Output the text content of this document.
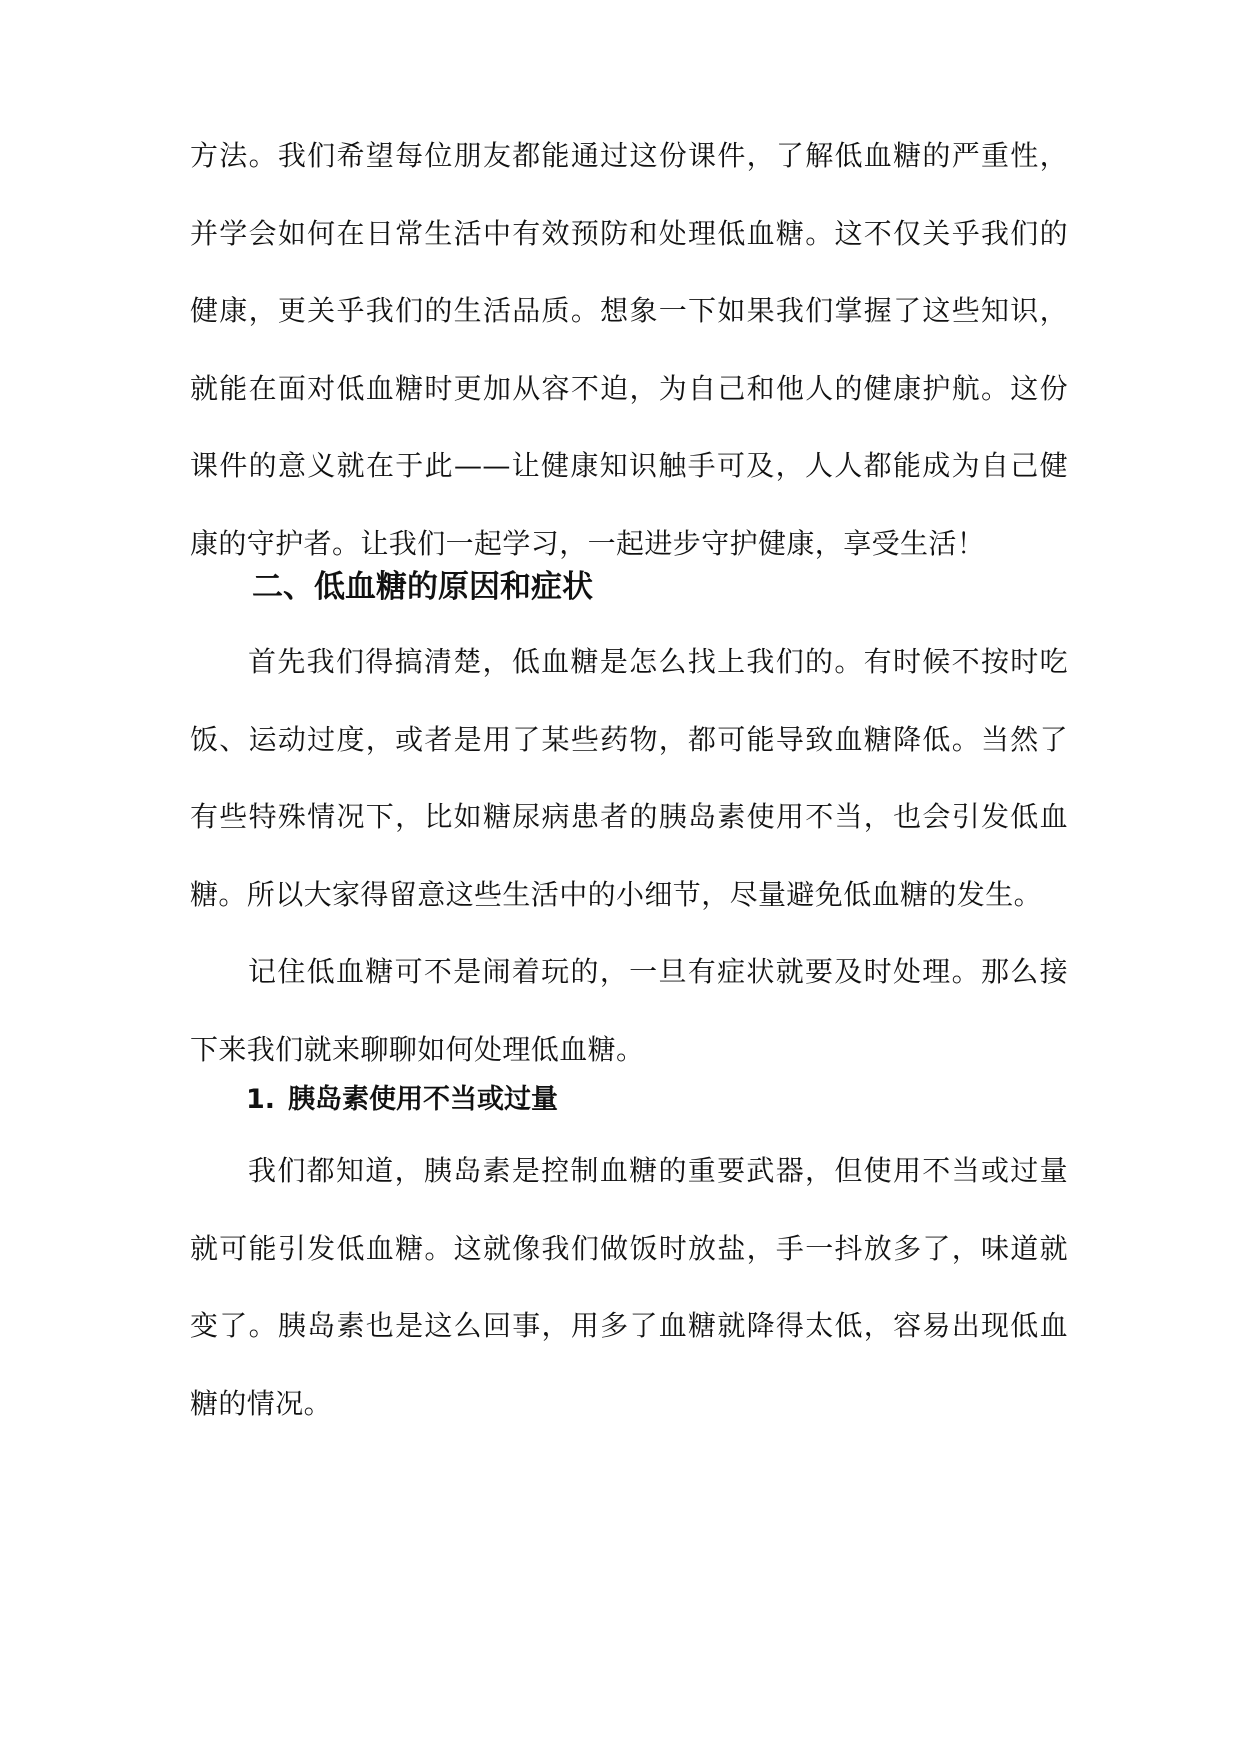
方法。我们希望每位朋友都能通过这份课件，了解低血糖的严重性，并学会如何在日常生活中有效预防和处理低血糖。这不仅关乎我们的健康，更关乎我们的生活品质。想象一下如果我们掌握了这些知识，就能在面对低血糖时更加从容不迫，为自己和他人的健康护航。这份课件的意义就在于此——让健康知识触手可及，人人都能成为自己健康的守护者。让我们一起学习，一起进步守护健康，享受生活！

二、低血糖的原因和症状

首先我们得搞清楚，低血糖是怎么找上我们的。有时候不按时吃饭、运动过度，或者是用了某些药物，都可能导致血糖降低。当然了有些特殊情况下，比如糖尿病患者的胰岛素使用不当，也会引发低血糖。所以大家得留意这些生活中的小细节，尽量避免低血糖的发生。

记住低血糖可不是闹着玩的，一旦有症状就要及时处理。那么接下来我们就来聊聊如何处理低血糖。

1. 胰岛素使用不当或过量

我们都知道，胰岛素是控制血糖的重要武器，但使用不当或过量就可能引发低血糖。这就像我们做饭时放盐，手一抖放多了，味道就变了。胰岛素也是这么回事，用多了血糖就降得太低，容易出现低血糖的情况。
